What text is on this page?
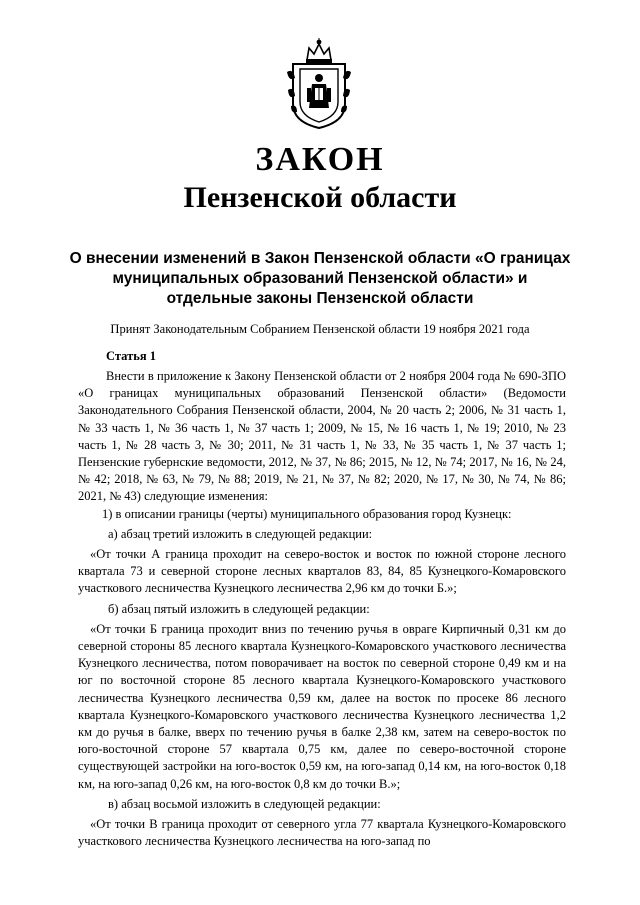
ЗАКОН
Пензенской области
О внесении изменений в Закон Пензенской области «О границах
муниципальных образований Пензенской области» и
отдельные законы Пензенской области
Принят Законодательным Собранием Пензенской области 19 ноября 2021 года
Статья 1

Внести в приложение к Закону Пензенской области от 2 ноября 2004 года № 690-ЗПО «О границах муниципальных образований Пензенской области» (Ведомости Законодательного Собрания Пензенской области, 2004, № 20 часть 2; 2006, № 31 часть 1, № 33 часть 1, № 36 часть 1, № 37 часть 1; 2009, № 15, № 16 часть 1, № 19; 2010, № 23 часть 1, № 28 часть 3, № 30; 2011, № 31 часть 1, № 33, № 35 часть 1, № 37 часть 1; Пензенские губернские ведомости, 2012, № 37, № 86; 2015, № 12, № 74; 2017, № 16, № 24, № 42; 2018, № 63, № 79, № 88; 2019, № 21, № 37, № 82; 2020, № 17, № 30, № 74, № 86; 2021, № 43) следующие изменения:

1) в описании границы (черты) муниципального образования город Кузнецк:

а) абзац третий изложить в следующей редакции:

«От точки А граница проходит на северо-восток и восток по южной стороне лесного квартала 73 и северной стороне лесных кварталов 83, 84, 85 Кузнецкого-Комаровского участкового лесничества Кузнецкого лесничества 2,96 км до точки Б.»;

б) абзац пятый изложить в следующей редакции:

«От точки Б граница проходит вниз по течению ручья в овраге Кирпичный 0,31 км до северной стороны 85 лесного квартала Кузнецкого-Комаровского участкового лесничества Кузнецкого лесничества, потом поворачивает на восток по северной стороне 0,49 км и на юг по восточной стороне 85 лесного квартала Кузнецкого-Комаровского участкового лесничества Кузнецкого лесничества 0,59 км, далее на восток по просеке 86 лесного квартала Кузнецкого-Комаровского участкового лесничества Кузнецкого лесничества 1,2 км до ручья в балке, вверх по течению ручья в балке 2,38 км, затем на северо-восток по юго-восточной стороне 57 квартала 0,75 км, далее по северо-восточной стороне существующей застройки на юго-восток 0,59 км, на юго-запад 0,14 км, на юго-восток 0,18 км, на юго-запад 0,26 км, на юго-восток 0,8 км до точки В.»;

в) абзац восьмой изложить в следующей редакции:

«От точки В граница проходит от северного угла 77 квартала Кузнецкого-Комаровского участкового лесничества Кузнецкого лесничества на юго-запад по
